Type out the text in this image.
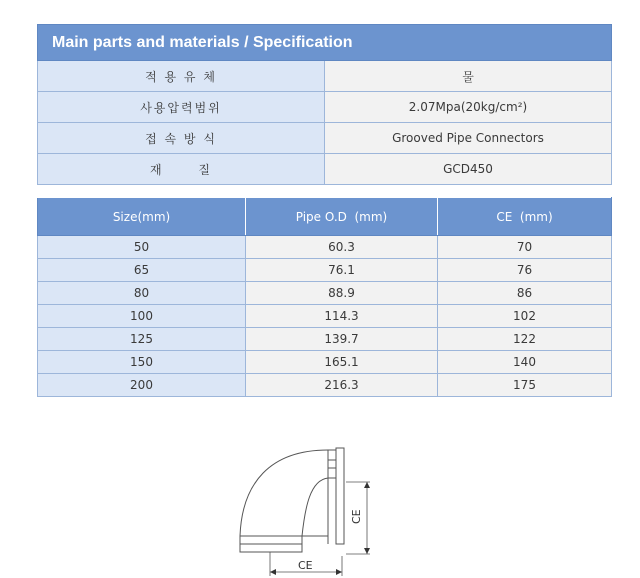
Main parts and materials / Specification	
적 용 유 체	물
사용압력범위	2.07Mpa(20kg/cm²)
접 속 방 식	Grooved Pipe Connectors
재      질	GCD450
Size(mm)	Pipe O.D  (mm)	CE  (mm)
50	60.3	70
65	76.1	76
80	88.9	86
100	114.3	102
125	139.7	122
150	165.1	140
200	216.3	175
CE
CE
